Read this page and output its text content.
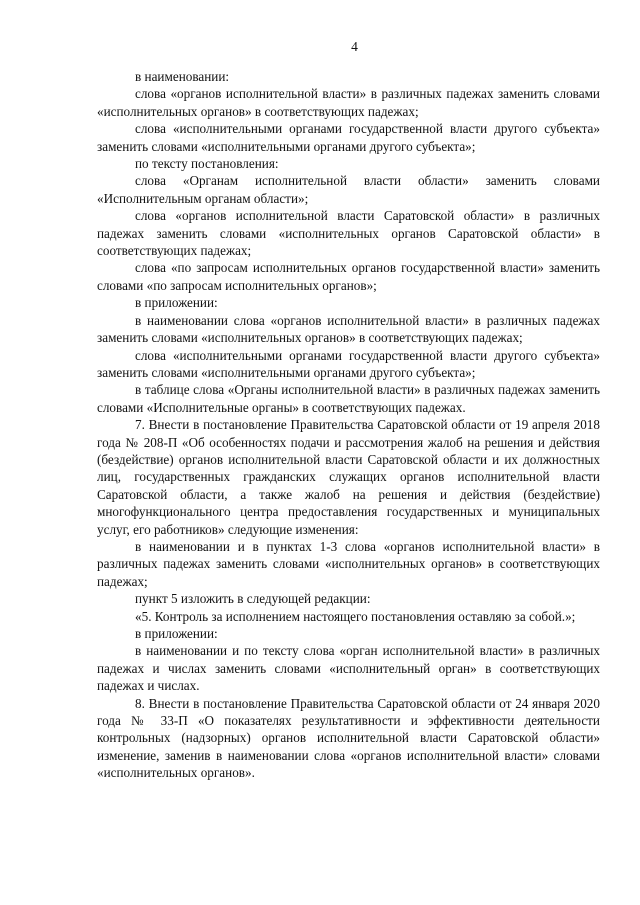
4

в наименовании:

слова «органов исполнительной власти» в различных падежах заменить словами «исполнительных органов» в соответствующих падежах;

слова «исполнительными органами государственной власти другого субъекта» заменить словами «исполнительными органами другого субъекта»;

по тексту постановления:

слова «Органам исполнительной власти области» заменить словами «Исполнительным органам области»;

слова «органов исполнительной власти Саратовской области» в различных падежах заменить словами «исполнительных органов Саратовской области» в соответствующих падежах;

слова «по запросам исполнительных органов государственной власти» заменить словами «по запросам исполнительных органов»;

в приложении:

в наименовании слова «органов исполнительной власти» в различных падежах заменить словами «исполнительных органов» в соответствующих падежах;

слова «исполнительными органами государственной власти другого субъекта» заменить словами «исполнительными органами другого субъекта»;

в таблице слова «Органы исполнительной власти» в различных падежах заменить словами «Исполнительные органы» в соответствующих падежах.

7. Внести в постановление Правительства Саратовской области от 19 апреля 2018 года № 208-П «Об особенностях подачи и рассмотрения жалоб на решения и действия (бездействие) органов исполнительной власти Саратовской области и их должностных лиц, государственных гражданских служащих органов исполнительной власти Саратовской области, а также жалоб на решения и действия (бездействие) многофункционального центра предоставления государственных и муниципальных услуг, его работников» следующие изменения:

в наименовании и в пунктах 1-3 слова «органов исполнительной власти» в различных падежах заменить словами «исполнительных органов» в соответствующих падежах;

пункт 5 изложить в следующей редакции:

«5. Контроль за исполнением настоящего постановления оставляю за собой.»;

в приложении:

в наименовании и по тексту слова «орган исполнительной власти» в различных падежах и числах заменить словами «исполнительный орган» в соответствующих падежах и числах.

8. Внести в постановление Правительства Саратовской области от 24 января 2020 года № 33-П «О показателях результативности и эффективности деятельности контрольных (надзорных) органов исполнительной власти Саратовской области» изменение, заменив в наименовании слова «органов исполнительной власти» словами «исполнительных органов».
